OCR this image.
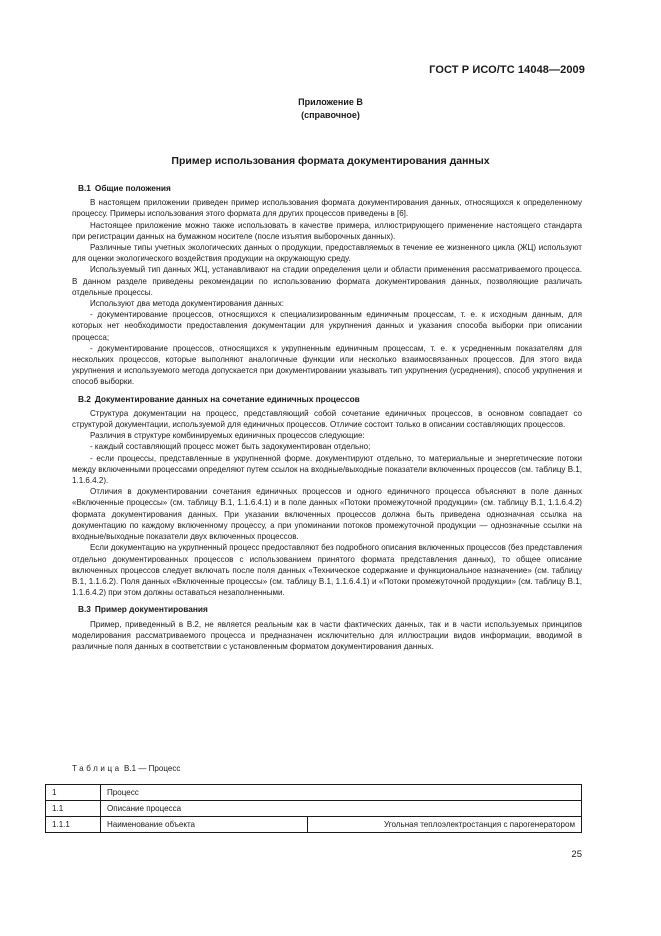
ГОСТ Р ИСО/ТС 14048—2009
Приложение В
(справочное)
Пример использования формата документирования данных
В.1 Общие положения

В настоящем приложении приведен пример использования формата документирования данных, относящихся к определенному процессу. Примеры использования этого формата для других процессов приведены в [6].

Настоящее приложение можно также использовать в качестве примера, иллюстрирующего применение настоящего стандарта при регистрации данных на бумажном носителе (после изъятия выборочных данных).

Различные типы учетных экологических данных о продукции, предоставляемых в течение ее жизненного цикла (ЖЦ) используют для оценки экологического воздействия продукции на окружающую среду.

Используемый тип данных ЖЦ, устанавливают на стадии определения цели и области применения рассматриваемого процесса. В данном разделе приведены рекомендации по использованию формата документирования данных, позволяющие различать отдельные процессы.

Используют два метода документирования данных:

- документирование процессов, относящихся к специализированным единичным процессам, т. е. к исходным данным, для которых нет необходимости предоставления документации для укрупнения данных и указания способа выборки при описании процесса;

- документирование процессов, относящихся к укрупненным единичным процессам, т. е. к усредненным показателям для нескольких процессов, которые выполняют аналогичные функции или несколько взаимосвязанных процессов. Для этого вида укрупнения и используемого метода допускается при документировании указывать тип укрупнения (усреднения), способ укрупнения и способ выборки.

В.2 Документирование данных на сочетание единичных процессов

Структура документации на процесс, представляющий собой сочетание единичных процессов, в основном совпадает со структурой документации, используемой для единичных процессов. Отличие состоит только в описании составляющих процессов.

Различия в структуре комбинируемых единичных процессов следующие:

- каждый составляющий процесс может быть задокументирован отдельно;

- если процессы, представленные в укрупненной форме. документируют отдельно, то материальные и энергетические потоки между включенными процессами определяют путем ссылок на входные/выходные показатели включенных процессов (см. таблицу В.1, 1.1.6.4.2).

Отличия в документировании сочетания единичных процессов и одного единичного процесса объясняют в поле данных «Включенные процессы» (см. таблицу В.1, 1.1.6.4.1) и в поле данных «Потоки промежуточной продукции» (см. таблицу В.1, 1.1.6.4.2) формата документирования данных. При указании включенных процессов должна быть приведена однозначная ссылка на документацию по каждому включенному процессу, а при упоминании потоков промежуточной продукции — однозначные ссылки на входные/выходные показатели двух включенных процессов.

Если документацию на укрупненный процесс предоставляют без подробного описания включенных процессов (без представления отдельно документированных процессов с использованием принятого формата представления данных), то общее описание включенных процессов следует включать после поля данных «Техническое содержание и функциональное назначение» (см. таблицу В.1, 1.1.6.2). Поля данных «Включенные процессы» (см. таблицу В.1, 1.1.6.4.1) и «Потоки промежуточной продукции» (см. таблицу В.1, 1.1.6.4.2) при этом должны оставаться незаполненными.

В.3 Пример документирования

Пример, приведенный в В.2, не является реальным как в части фактических данных, так и в части используемых принципов моделирования рассматриваемого процесса и предназначен исключительно для иллюстрации видов информации, вводимой в различные поля данных в соответствии с установленным форматом документирования данных.

Таблица В.1 — Процесс
1	Процесс	
1.1	Описание процесса	
1.1.1	Наименование объекта	Угольная теплоэлектростанция с парогенератором
25
